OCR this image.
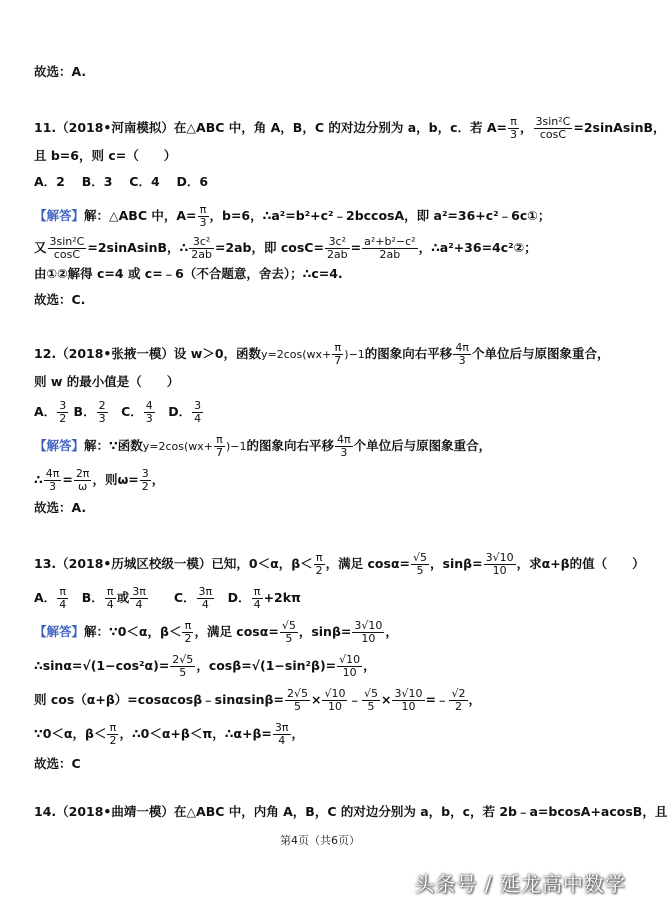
故选：A.
11.（2018•河南模拟）在△ABC 中，角 A，B，C 的对边分别为 a，b，c．若 $A= \frac{\pi}{3}$ ， $\frac{\text{3sin²C}}{\cos C}$ =2sinAsinB，
且 b=6，则 c=（　　）
A．2　 B．3　 C．4　 D．6
【解答】解：△ABC 中，$A= \frac{\pi}{3}$ ，b=6，∴a²=b²+c²﹣2bccosA，即 a²=36+c²﹣6c①；
又 $\frac{\text{3sin²C}}{\cos C}$ =2sinAsinB，∴ $\frac{\text{3c²}}{2ab} =2ab$，即 $\cos C= \frac{\text{3c²}}{2ab} = \frac{\text{a²+b²−c²}}{2ab}$ ，∴a²+36=4c²②；
由①②解得 c=4 或 c=﹣6（不合题意，舍去）；∴c=4.
故选：C.
12.（2018•张掖一模）设 w＞0，函数$y=2\cos(wx+ \frac{\pi}{7} )-1$的图象向右平移 $\frac{4\pi}{3}$ 个单位后与原图象重合，
则 w 的最小值是（　　）
A． $\frac{3}{2}$ B． $\frac{2}{3}$ 　C． $\frac{4}{3}$ 　D． $\frac{3}{4}$
【解答】解：∵函数$y=2\cos(wx+ \frac{\pi}{7} )-1$的图象向右平移 $\frac{4\pi}{3}$ 个单位后与原图象重合，
∴ $\frac{4\pi}{3} = \frac{2\pi}{\omega}$ ，则$\omega= \frac{3}{2}$ ，
故选：A.
13.（2018•历城区校级一模）已知，0＜α，$\beta< \frac{\pi}{2}$ ，满足 $\cos\alpha= \frac{√5}{5}$ ，$\sin\beta= \frac{3√10}{10}$ ，求α+β的值（　　）
A． $\frac{\pi}{4}$ 　B． $\frac{\pi}{4}$ 或 $\frac{3\pi}{4}$ 　　C． $\frac{3\pi}{4}$ 　D． $\frac{\pi}{4} +2k\pi$
【解答】解：∵0＜α，$\beta< \frac{\pi}{2}$ ，满足 $\cos\alpha= \frac{√5}{5}$ ，$\sin\beta= \frac{3√10}{10}$ ，
∴sinα=√(1−cos²α)= $\frac{2√5}{5}$ ，$\cos\beta=√(1-\sin^2\beta)= \frac{√10}{10}$ ，
则 cos（α+β）=cosαcosβ﹣sinαsinβ= $\frac{2√5}{5} \times \frac{√10}{10}$ ﹣ $\frac{√5}{5} \times \frac{3√10}{10}$ =﹣ $\frac{√2}{2}$ ，
∵0＜α，$\beta< \frac{\pi}{2}$ ，∴0＜α+β＜π，∴α+β= $\frac{3\pi}{4}$ ，
故选：C
14.（2018•曲靖一模）在△ABC 中，内角 A，B，C 的对边分别为 a，b，c，若 2b﹣a=bcosA+acosB，且
第4页（共6页）
头条号 / 延龙高中数学
